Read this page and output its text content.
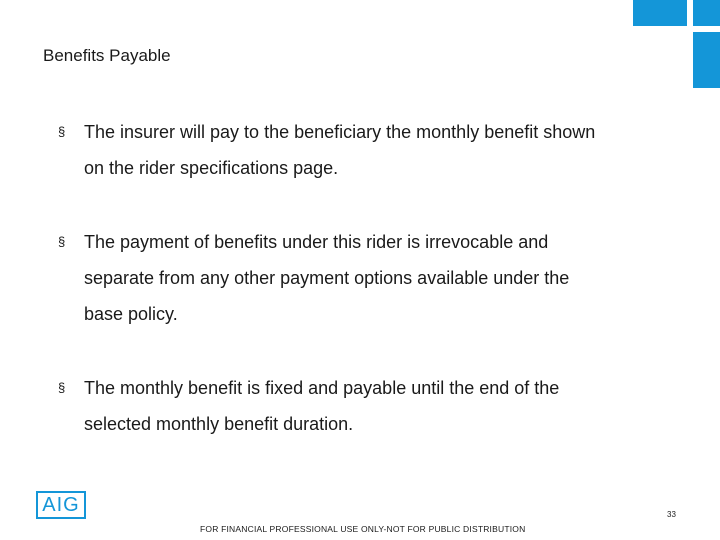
Benefits Payable
§ The insurer will pay to the beneficiary the monthly benefit shown
on the rider specifications page.
§ The payment of benefits under this rider is irrevocable and
separate from any other payment options available under the
base policy.
§ The monthly benefit is fixed and payable until the end of the
selected monthly benefit duration.
AIG
FOR FINANCIAL PROFESSIONAL USE ONLY-NOT FOR PUBLIC DISTRIBUTION
33
